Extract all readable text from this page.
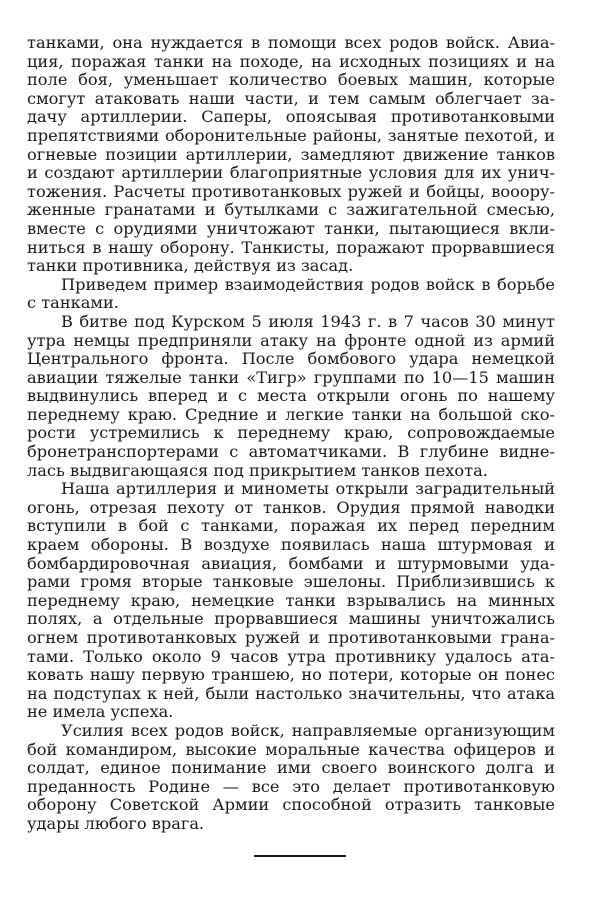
танками, она нуждается в помощи всех родов войск. Авиа-
ция, поражая танки на походе, на исходных позициях и на
поле боя, уменьшает количество боевых машин, которые
смогут атаковать наши части, и тем самым облегчает за-
дачу артиллерии. Саперы, опоясывая противотанковыми
препятствиями оборонительные районы, занятые пехотой, и
огневые позиции артиллерии, замедляют движение танков
и создают артиллерии благоприятные условия для их унич-
тожения. Расчеты противотанковых ружей и бойцы, вооору-
женные гранатами и бутылками с зажигательной смесью,
вместе с орудиями уничтожают танки, пытающиеся вкли-
ниться в нашу оборону. Танкисты, поражают прорвавшиеся
танки противника, действуя из засад.
Приведем пример взаимодействия родов войск в борьбе
с танками.
В битве под Курском 5 июля 1943 г. в 7 часов 30 минут
утра немцы предприняли атаку на фронте одной из армий
Центрального фронта. После бомбового удара немецкой
авиации тяжелые танки «Тигр» группами по 10—15 машин
выдвинулись вперед и с места открыли огонь по нашему
переднему краю. Средние и легкие танки на большой ско-
рости устремились к переднему краю, сопровождаемые
бронетранспортерами с автоматчиками. В глубине видне-
лась выдвигающаяся под прикрытием танков пехота.
Наша артиллерия и минометы открыли заградительный
огонь, отрезая пехоту от танков. Орудия прямой наводки
вступили в бой с танками, поражая их перед передним
краем обороны. В воздухе появилась наша штурмовая и
бомбардировочная авиация, бомбами и штурмовыми уда-
рами громя вторые танковые эшелоны. Приблизившись к
переднему краю, немецкие танки взрывались на минных
полях, а отдельные прорвавшиеся машины уничтожались
огнем противотанковых ружей и противотанковыми грана-
тами. Только около 9 часов утра противнику удалось ата-
ковать нашу первую траншею, но потери, которые он понес
на подступах к ней, были настолько значительны, что атака
не имела успеха.
Усилия всех родов войск, направляемые организующим
бой командиром, высокие моральные качества офицеров и
солдат, единое понимание ими своего воинского долга и
преданность Родине — все это делает противотанковую
оборону Советской Армии способной отразить танковые
удары любого врага.
